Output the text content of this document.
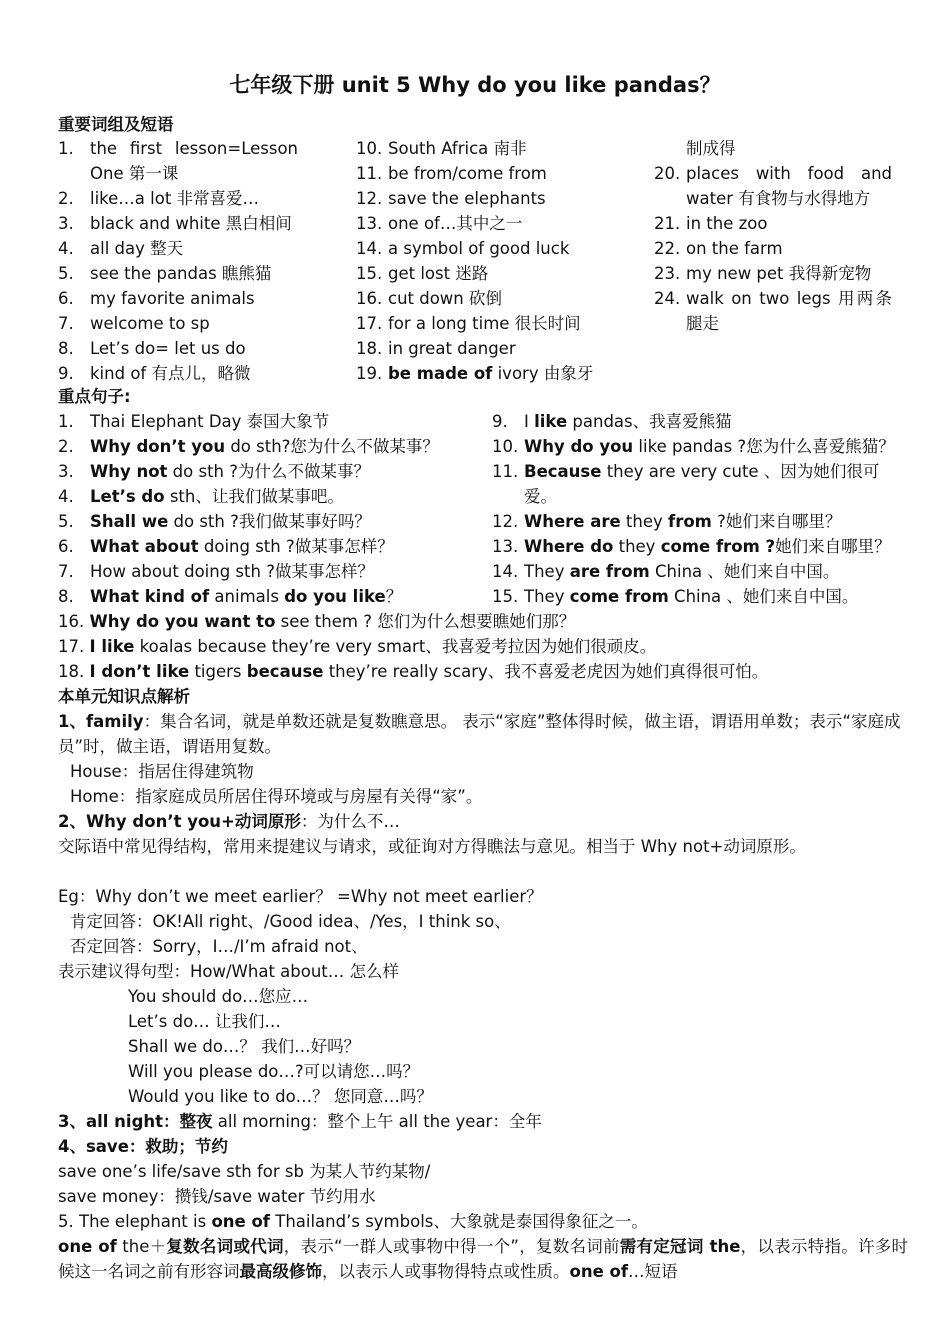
七年级下册 unit 5 Why do you like pandas？
重要词组及短语
1. the first lesson=Lesson
One 第一课
2. like…a lot 非常喜爱…
3. black and white 黑白相间
4. all day 整天
5. see the pandas 瞧熊猫
6. my favorite animals
7. welcome to sp
8. Let’s do= let us do
9. kind of 有点儿，略微
10. South Africa 南非
11. be from/come from
12. save the elephants
13. one of…其中之一
14. a symbol of good luck
15. get lost 迷路
16. cut down 砍倒
17. for a long time 很长时间
18. in great danger
19. be made of ivory 由象牙
制成得
20. places with food and
water 有食物与水得地方
21. in the zoo
22. on the farm
23. my new pet 我得新宠物
24. walk on two legs 用两条
腿走
重点句子:
1. Thai Elephant Day 泰国大象节
2. Why don’t you do sth?您为什么不做某事？
3. Why not do sth ?为什么不做某事？
4. Let’s do sth、让我们做某事吧。
5. Shall we do sth ?我们做某事好吗？
6. What about doing sth ?做某事怎样？
7. How about doing sth ?做某事怎样？
8. What kind of animals do you like？
9. I like pandas、我喜爱熊猫
10. Why do you like pandas ?您为什么喜爱熊猫？
11. Because they are very cute 、因为她们很可爱。
12. Where are they from ?她们来自哪里？
13. Where do they come from ?她们来自哪里？
14. They are from China 、她们来自中国。
15. They come from China 、她们来自中国。
16. Why do you want to see them ? 您们为什么想要瞧她们那？
17. I like koalas because they’re very smart、我喜爱考拉因为她们很顽皮。
18. I don’t like tigers because they’re really scary、我不喜爱老虎因为她们真得很可怕。
本单元知识点解析
1、family：集合名词，就是单数还就是复数瞧意思。 表示“家庭”整体得时候，做主语，谓语用单数；表示“家庭成员”时，做主语，谓语用复数。
House：指居住得建筑物
Home：指家庭成员所居住得环境或与房屋有关得“家”。
2、Why don’t you+动词原形：为什么不…
交际语中常见得结构，常用来提建议与请求，或征询对方得瞧法与意见。相当于 Why not+动词原形。
Eg：Why don’t we meet earlier？ =Why not meet earlier？
肯定回答：OK!All right、/Good idea、/Yes，I think so、
否定回答：Sorry，I…/I’m afraid not、
表示建议得句型：How/What about… 怎么样
You should do…您应…
Let’s do… 让我们…
Shall we do…？ 我们…好吗？
Will you please do…?可以请您…吗？
Would you like to do…？ 您同意…吗？
3、all night：整夜 all morning：整个上午 all the year：全年
4、save：救助；节约
save one’s life/save sth for sb 为某人节约某物/
save money：攒钱/save water 节约用水
5. The elephant is one of Thailand’s symbols、大象就是泰国得象征之一。
one of the＋复数名词或代词，表示“一群人或事物中得一个”，复数名词前需有定冠词 the，以表示特指。许多时候这一名词之前有形容词最高级修饰，以表示人或事物得特点或性质。one of…短语
